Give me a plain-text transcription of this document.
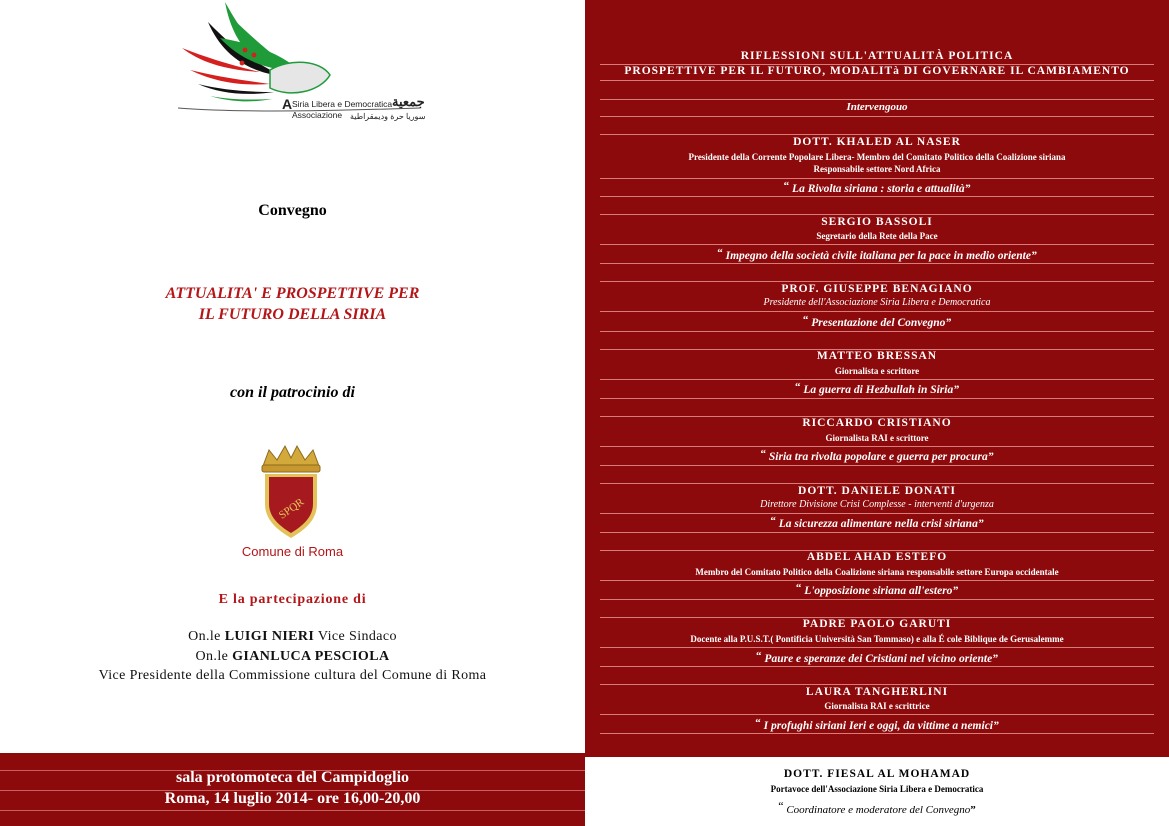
A Siria Libera e Democratica
Associazione
جمعية
سوريا حرة وديمقراطية
Convegno
ATTUALITA' E PROSPETTIVE PER
IL FUTURO DELLA SIRIA
con il patrocinio di
SPQR
Comune di Roma
E la partecipazione di
On.le LUIGI NIERI Vice Sindaco
On.le GIANLUCA PESCIOLA
Vice Presidente della Commissione cultura del Comune di Roma
sala protomoteca del Campidoglio
Roma, 14 luglio 2014- ore 16,00-20,00
RIFLESSIONI SULL'ATTUALITÀ POLITICA
PROSPETTIVE PER IL FUTURO, MODALITà DI GOVERNARE IL CAMBIAMENTO
Intervengouo
DOTT. KHALED AL NASER
Presidente della Corrente Popolare Libera- Membro del Comitato Politico della Coalizione siriana
Responsabile settore Nord Africa
“ La Rivolta siriana : storia e attualità”
SERGIO BASSOLI
Segretario della Rete della Pace
“ Impegno della società civile italiana per la pace in medio oriente”
PROF. GIUSEPPE BENAGIANO
Presidente dell'Associazione Siria Libera e Democratica
“ Presentazione del Convegno”
MATTEO BRESSAN
Giornalista e scrittore
“ La guerra di Hezbullah in Siria”
RICCARDO CRISTIANO
Giornalista RAI e scrittore
“ Siria tra rivolta popolare e guerra per procura”
DOTT. DANIELE DONATI
Direttore Divisione Crisi Complesse - interventi d'urgenza
“ La sicurezza alimentare nella crisi siriana”
ABDEL AHAD ESTEFO
Membro del Comitato Politico della Coalizione siriana responsabile settore Europa occidentale
“ L'opposizione siriana all'estero”
PADRE PAOLO GARUTI
Docente alla P.U.S.T.( Pontificia Università San Tommaso) e alla É cole Biblique de Gerusalemme
“ Paure e speranze dei Cristiani nel vicino oriente”
LAURA TANGHERLINI
Giornalista RAI e scrittrice
“ I profughi siriani Ieri e oggi, da vittime a nemici”
DOTT. FIESAL AL MOHAMAD
Portavoce dell'Associazione Siria Libera e Democratica
“ Coordinatore e moderatore del Convegno”
